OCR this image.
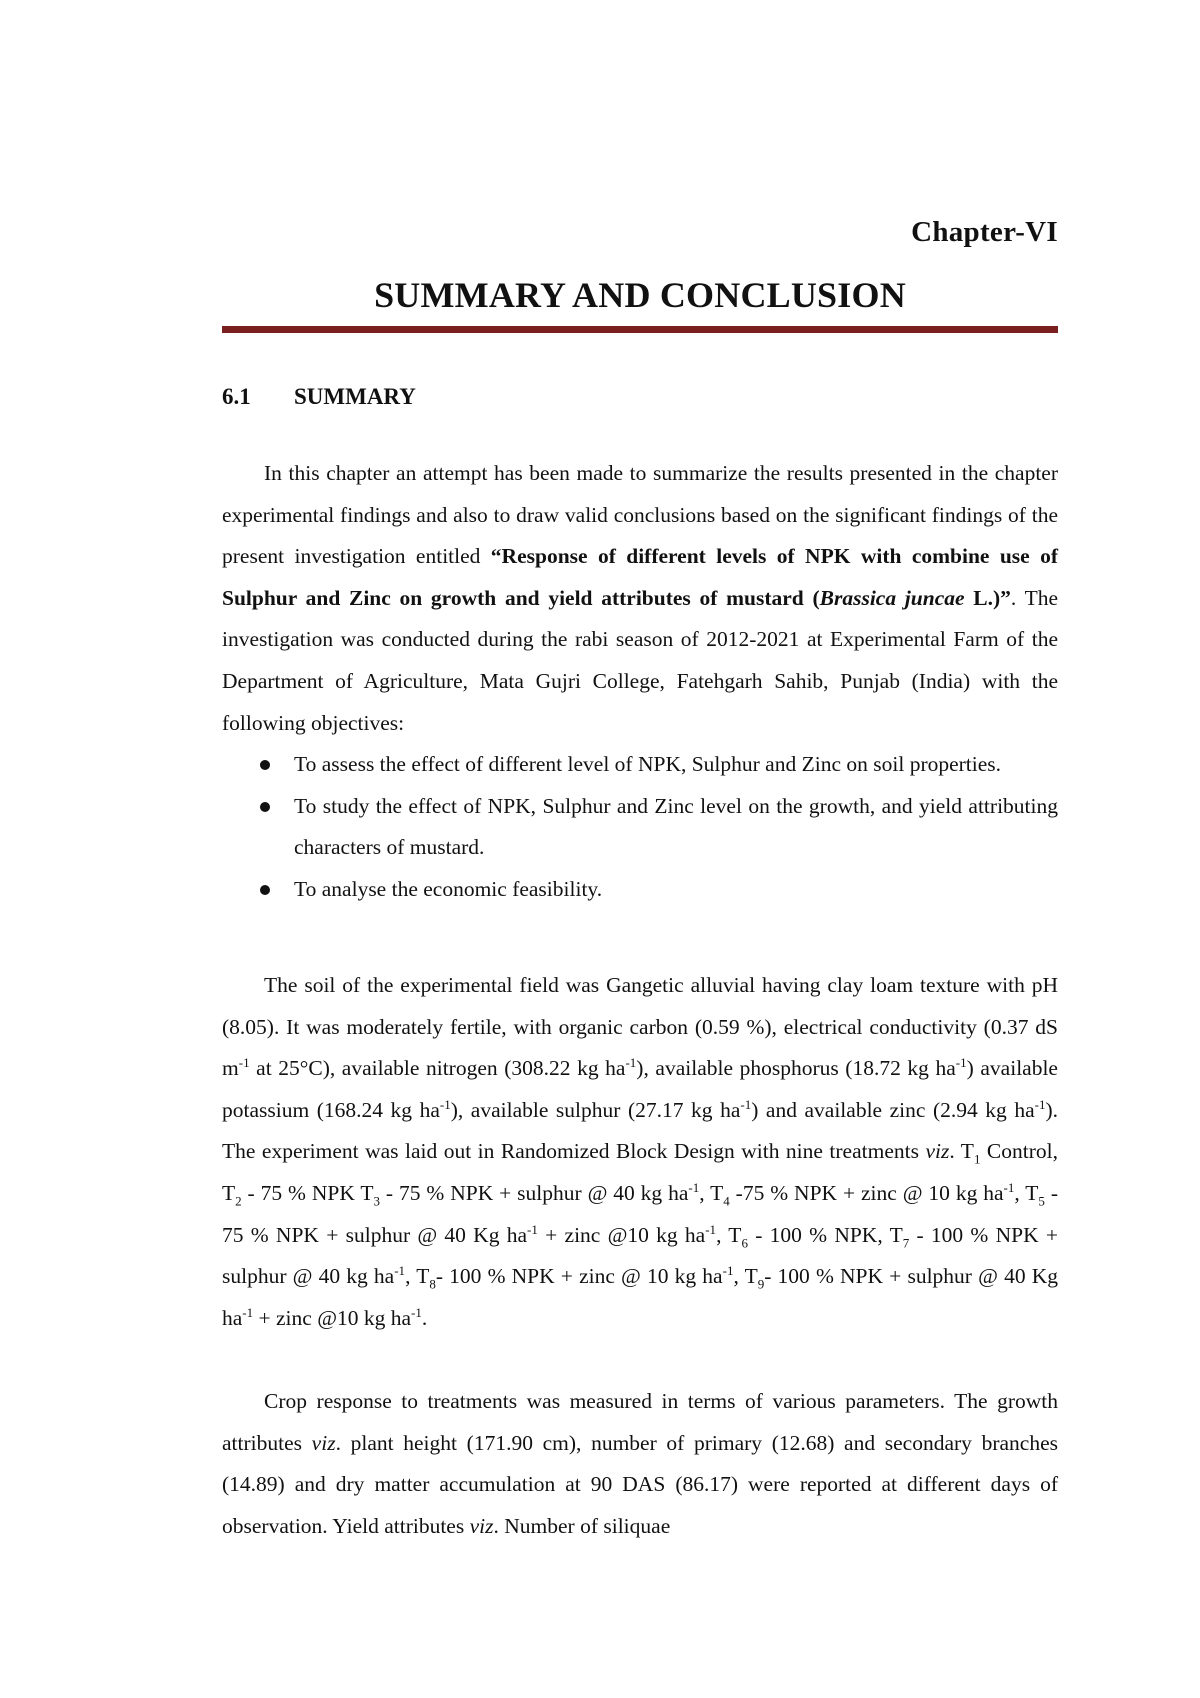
Chapter-VI
SUMMARY AND CONCLUSION
6.1 SUMMARY

In this chapter an attempt has been made to summarize the results presented in the chapter experimental findings and also to draw valid conclusions based on the significant findings of the present investigation entitled “Response of different levels of NPK with combine use of Sulphur and Zinc on growth and yield attributes of mustard (Brassica juncae L.)”. The investigation was conducted during the rabi season of 2012-2021 at Experimental Farm of the Department of Agriculture, Mata Gujri College, Fatehgarh Sahib, Punjab (India) with the following objectives:

To assess the effect of different level of NPK, Sulphur and Zinc on soil properties.
To study the effect of NPK, Sulphur and Zinc level on the growth, and yield attributing characters of mustard.
To analyse the economic feasibility.

The soil of the experimental field was Gangetic alluvial having clay loam texture with pH (8.05). It was moderately fertile, with organic carbon (0.59 %), electrical conductivity (0.37 dS $m^{-1}$ at 25°C), available nitrogen (308.22 kg $ha^{-1}$), available phosphorus (18.72 kg $ha^{-1}$) available potassium (168.24 kg $ha^{-1}$), available sulphur (27.17 kg $ha^{-1}$) and available zinc (2.94 kg $ha^{-1}$). The experiment was laid out in Randomized Block Design with nine treatments viz. $T_1$ Control, $T_2 - 75$ % NPK $T_3 - 75$ % NPK + sulphur @ 40 kg $ha^{-1}$, $T_4$ -75 % NPK + zinc @ 10 kg $ha^{-1}$, $T_5 - 75$ % NPK + sulphur @ 40 Kg $ha^{-1}$ + zinc @10 kg $ha^{-1}$, $T_6 - 100$ % NPK, $T_7 - 100$ % NPK + sulphur @ 40 kg $ha^{-1}$, $T_8-$ 100 % NPK + zinc @ 10 kg $ha^{-1}$, $T_9-$ 100 % NPK + sulphur @ 40 Kg $ha^{-1}$ + zinc @10 kg $ha^{-1}$.

Crop response to treatments was measured in terms of various parameters. The growth attributes viz. plant height (171.90 cm), number of primary (12.68) and secondary branches (14.89) and dry matter accumulation at 90 DAS (86.17) were reported at different days of observation. Yield attributes viz. Number of siliquae
